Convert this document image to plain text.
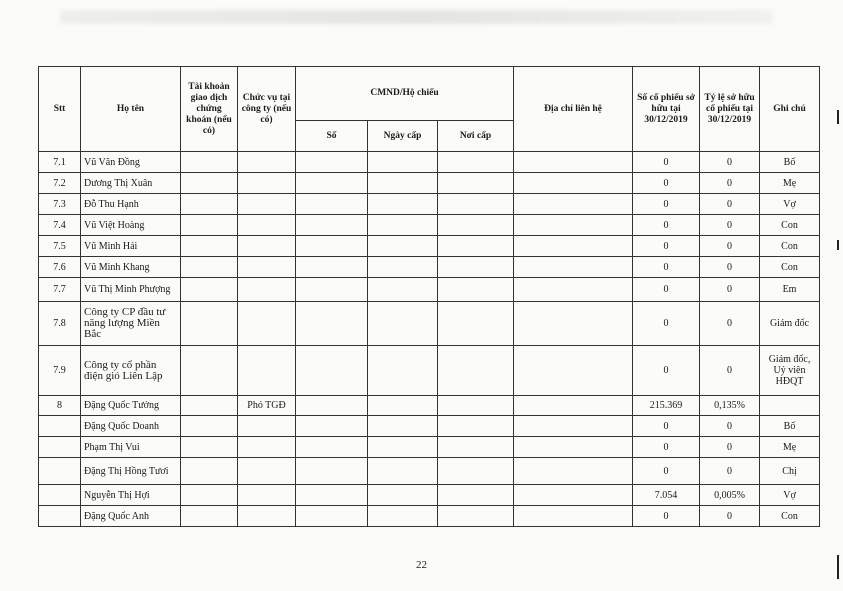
Stt	Họ tên	Tài khoản giao dịch chứng khoán (nếu có)	Chức vụ tại công ty (nếu có)	CMND/Hộ chiếu			Địa chỉ liên hệ	Số cổ phiếu sở hữu tại 30/12/2019	Tỷ lệ sở hữu cổ phiếu tại 30/12/2019	Ghi chú
				Số	Ngày cấp	Nơi cấp				
7.1	Vũ Văn Đồng							0	0	Bố
7.2	Dương Thị Xuân							0	0	Mẹ
7.3	Đỗ Thu Hạnh							0	0	Vợ
7.4	Vũ Việt Hoàng							0	0	Con
7.5	Vũ Minh Hải							0	0	Con
7.6	Vũ Minh Khang							0	0	Con
7.7	Vũ Thị Minh Phượng							0	0	Em
7.8	Công ty CP đầu tư năng lượng Miền Bắc							0	0	Giám đốc
7.9	Công ty cổ phần điện gió Liên Lập							0	0	Giám đốc, Uỷ viên HĐQT
8	Đặng Quốc Tưởng		Phó TGĐ					215.369	0,135%	
	Đặng Quốc Doanh							0	0	Bố
	Phạm Thị Vui							0	0	Mẹ
	Đặng Thị Hồng Tươi							0	0	Chị
	Nguyễn Thị Hợi							7.054	0,005%	Vợ
	Đặng Quốc Anh							0	0	Con
22
